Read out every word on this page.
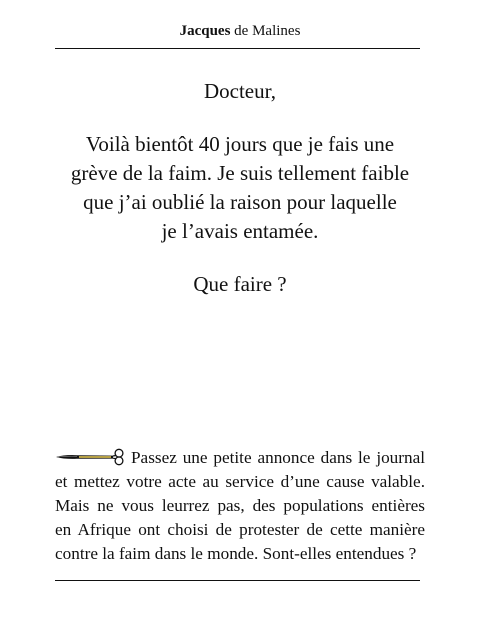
Jacques de Malines
Docteur,
Voilà bientôt 40 jours que je fais une
grève de la faim. Je suis tellement faible
que j’ai oublié la raison pour laquelle
je l’avais entamée.
Que faire ?
Passez une petite annonce dans le journal
et mettez votre acte au service d’une cause valable.
Mais ne vous leurrez pas, des populations entières
en Afrique ont choisi de protester de cette manière
contre la faim dans le monde. Sont-elles entendues ?
